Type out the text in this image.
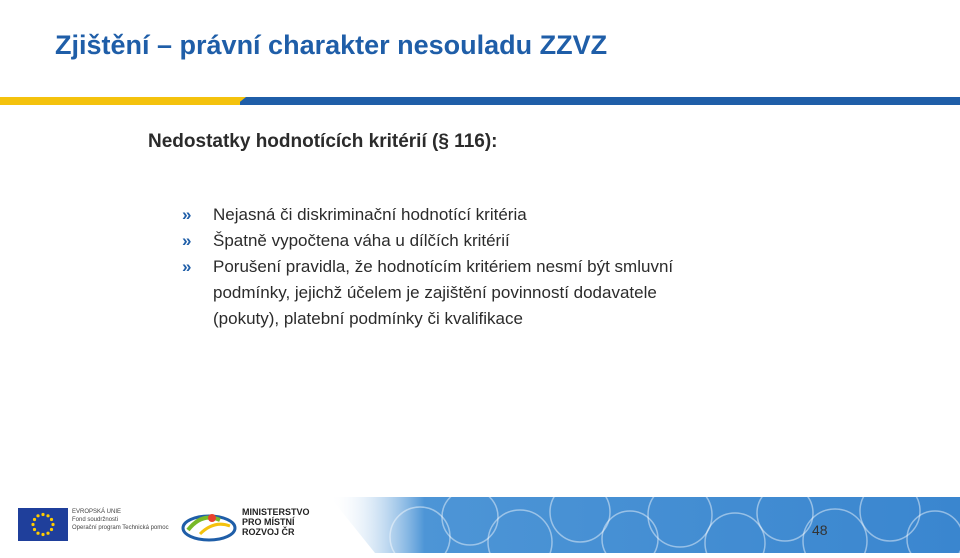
Zjištění – právní charakter nesouladu ZZVZ
Nedostatky hodnotících kritérií (§ 116):
» Nejasná či diskriminační hodnotící kritéria
» Špatně vypočtena váha u dílčích kritérií
» Porušení pravidla, že hodnotícím kritériem nesmí být smluvní
podmínky, jejichž účelem je zajištění povinností dodavatele
(pokuty), platební podmínky či kvalifikace
EVROPSKÁ UNIE
Fond soudržnosti
Operační program Technická pomoc
MINISTERSTVO
PRO MÍSTNÍ
ROZVOJ ČR	48
